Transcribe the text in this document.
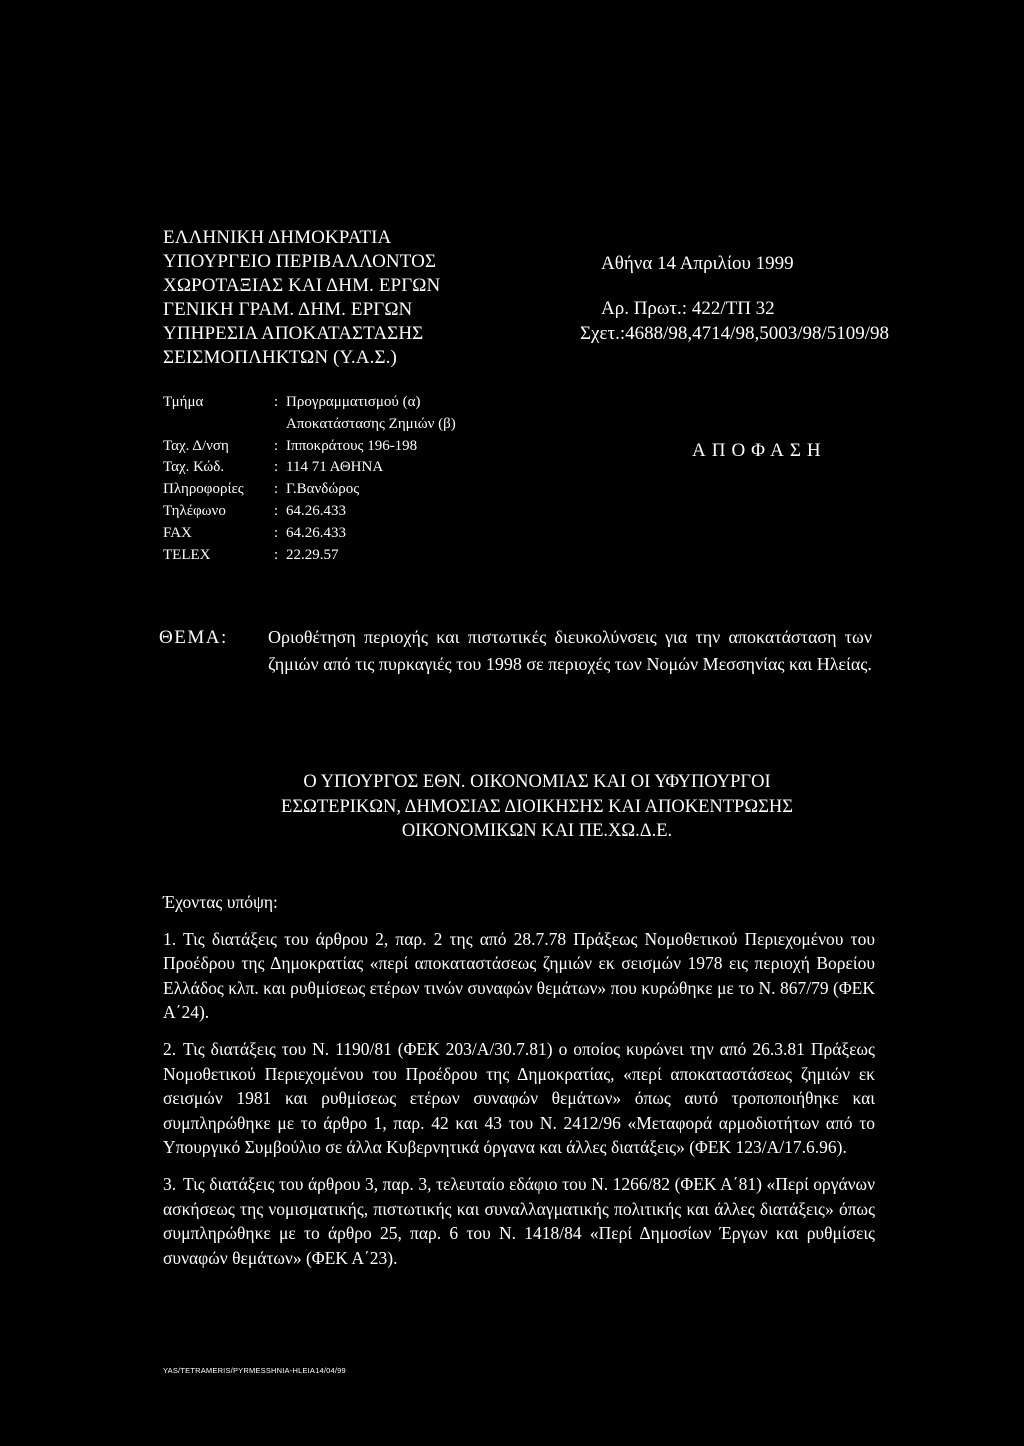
ΕΛΛΗΝΙΚΗ ΔΗΜΟΚΡΑΤΙΑ
ΥΠΟΥΡΓΕΙΟ ΠΕΡΙΒΑΛΛΟΝΤΟΣ
ΧΩΡΟΤΑΞΙΑΣ ΚΑΙ ΔΗΜ. ΕΡΓΩΝ
ΓΕΝΙΚΗ ΓΡΑΜ. ΔΗΜ. ΕΡΓΩΝ
ΥΠΗΡΕΣΙΑ ΑΠΟΚΑΤΑΣΤΑΣΗΣ
ΣΕΙΣΜΟΠΛΗΚΤΩΝ (Υ.Α.Σ.)
Αθήνα 14 Απριλίου 1999
Αρ. Πρωτ.: 422/ΤΠ 32
Σχετ.:4688/98,4714/98,5003/98/5109/98
Τμήμα	: Προγραμματισμού (α)
Αποκατάστασης Ζημιών (β)
Ταχ. Δ/νση	: Ιπποκράτους 196-198
Ταχ. Κώδ.	: 114 71 ΑΘΗΝΑ
Πληροφορίες	: Γ.Βανδώρος
Τηλέφωνο	: 64.26.433
FAX	: 64.26.433
TELEX	: 22.29.57
ΑΠΟΦΑΣΗ
ΘΕΜΑ: Οριοθέτηση περιοχής και πιστωτικές διευκολύνσεις για την αποκατάσταση των ζημιών από τις πυρκαγιές του 1998 σε περιοχές των Νομών Μεσσηνίας και Ηλείας.
Ο ΥΠΟΥΡΓΟΣ ΕΘΝ. ΟΙΚΟΝΟΜΙΑΣ ΚΑΙ ΟΙ ΥΦΥΠΟΥΡΓΟΙ
ΕΣΩΤΕΡΙΚΩΝ, ΔΗΜΟΣΙΑΣ ΔΙΟΙΚΗΣΗΣ ΚΑΙ ΑΠΟΚΕΝΤΡΩΣΗΣ
ΟΙΚΟΝΟΜΙΚΩΝ ΚΑΙ ΠΕ.ΧΩ.Δ.Ε.
Έχοντας υπόψη:
1. Τις διατάξεις του άρθρου 2, παρ. 2 της από 28.7.78 Πράξεως Νομοθετικού Περιεχομένου του Προέδρου της Δημοκρατίας «περί αποκαταστάσεως ζημιών εκ σεισμών 1978 εις περιοχή Βορείου Ελλάδος κλπ. και ρυθμίσεως ετέρων τινών συναφών θεμάτων» που κυρώθηκε με το Ν. 867/79 (ΦΕΚ Α΄24).
2. Τις διατάξεις του Ν. 1190/81 (ΦΕΚ 203/Α/30.7.81) ο οποίος κυρώνει την από 26.3.81 Πράξεως Νομοθετικού Περιεχομένου του Προέδρου της Δημοκρατίας, «περί αποκαταστάσεως ζημιών εκ σεισμών 1981 και ρυθμίσεως ετέρων συναφών θεμάτων» όπως αυτό τροποποιήθηκε και συμπληρώθηκε με το άρθρο 1, παρ. 42 και 43 του Ν. 2412/96 «Μεταφορά αρμοδιοτήτων από το Υπουργικό Συμβούλιο σε άλλα Κυβερνητικά όργανα και άλλες διατάξεις» (ΦΕΚ 123/Α/17.6.96).
3. Τις διατάξεις του άρθρου 3, παρ. 3, τελευταίο εδάφιο του Ν. 1266/82 (ΦΕΚ Α΄81) «Περί οργάνων ασκήσεως της νομισματικής, πιστωτικής και συναλλαγματικής πολιτικής και άλλες διατάξεις» όπως συμπληρώθηκε με το άρθρο 25, παρ. 6 του Ν. 1418/84 «Περί Δημοσίων Έργων και ρυθμίσεις συναφών θεμάτων» (ΦΕΚ Α΄23).
YAS/TETRAMERIS/PYRMESSHNIA-HLEIA14/04/99
